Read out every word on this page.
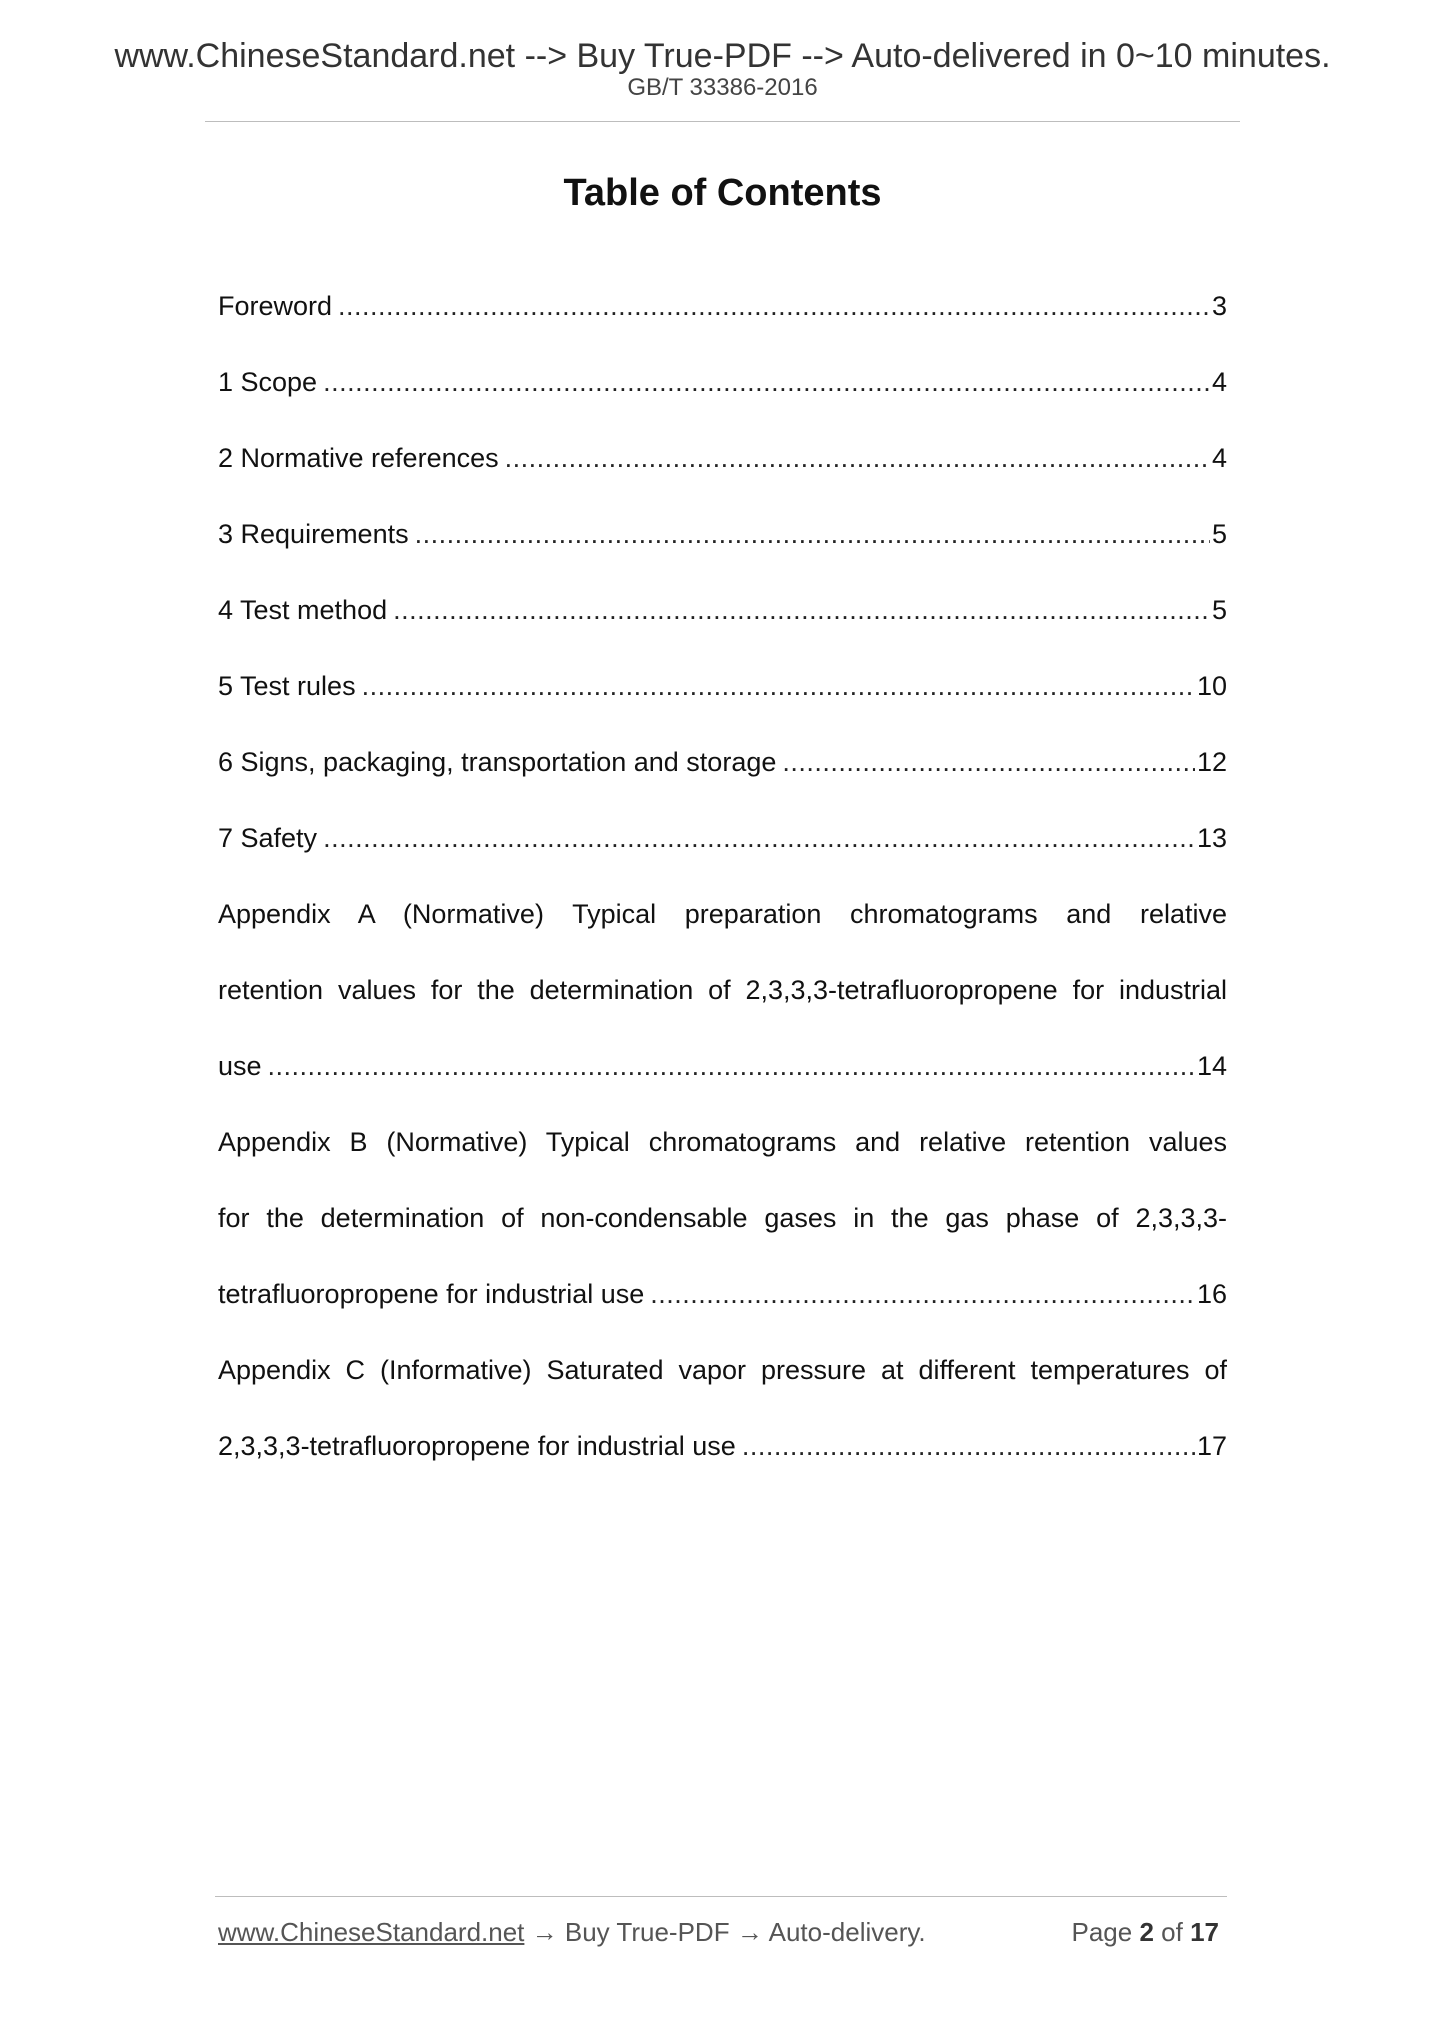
www.ChineseStandard.net --> Buy True-PDF --> Auto-delivered in 0~10 minutes.
GB/T 33386-2016
Table of Contents
Foreword .....	3
1 Scope .....	4
2 Normative references .....	4
3 Requirements .....	5
4 Test method .....	5
5 Test rules .....	10
6 Signs, packaging, transportation and storage .....	12
7 Safety .....	13
Appendix A (Normative) Typical preparation chromatograms and relative
retention values for the determination of 2,3,3,3-tetrafluoropropene for industrial
use .....	14
Appendix B (Normative) Typical chromatograms and relative retention values
for the determination of non-condensable gases in the gas phase of 2,3,3,3-
tetrafluoropropene for industrial use .....	16
Appendix C (Informative) Saturated vapor pressure at different temperatures of
2,3,3,3-tetrafluoropropene for industrial use .....	17
www.ChineseStandard.net → Buy True-PDF → Auto-delivery.	Page 2 of 17
